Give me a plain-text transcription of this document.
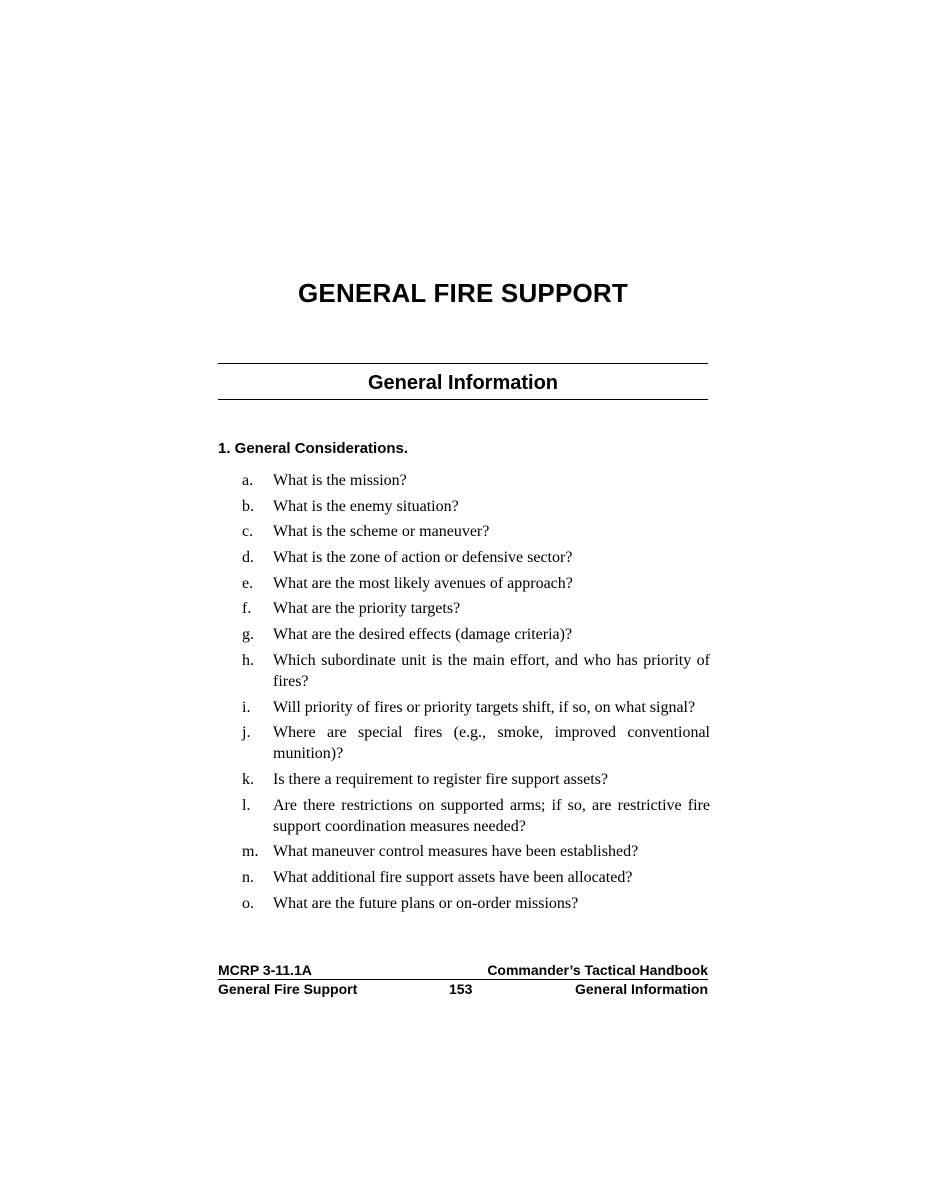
GENERAL FIRE SUPPORT
General Information
1. General Considerations.
a.	What is the mission?
b.	What is the enemy situation?
c.	What is the scheme or maneuver?
d.	What is the zone of action or defensive sector?
e.	What are the most likely avenues of approach?
f.	What are the priority targets?
g.	What are the desired effects (damage criteria)?
h.	Which subordinate unit is the main effort, and who has priority of fires?
i.	Will priority of fires or priority targets shift, if so, on what signal?
j.	Where are special fires (e.g., smoke, improved conventional munition)?
k.	Is there a requirement to register fire support assets?
l.	Are there restrictions on supported arms; if so, are restrictive fire support coordination measures needed?
m. What maneuver control measures have been established?
n.	What additional fire support assets have been allocated?
o.	What are the future plans or on-order missions?
MCRP 3-11.1A	Commander’s Tactical Handbook
General Fire Support	153	General Information
